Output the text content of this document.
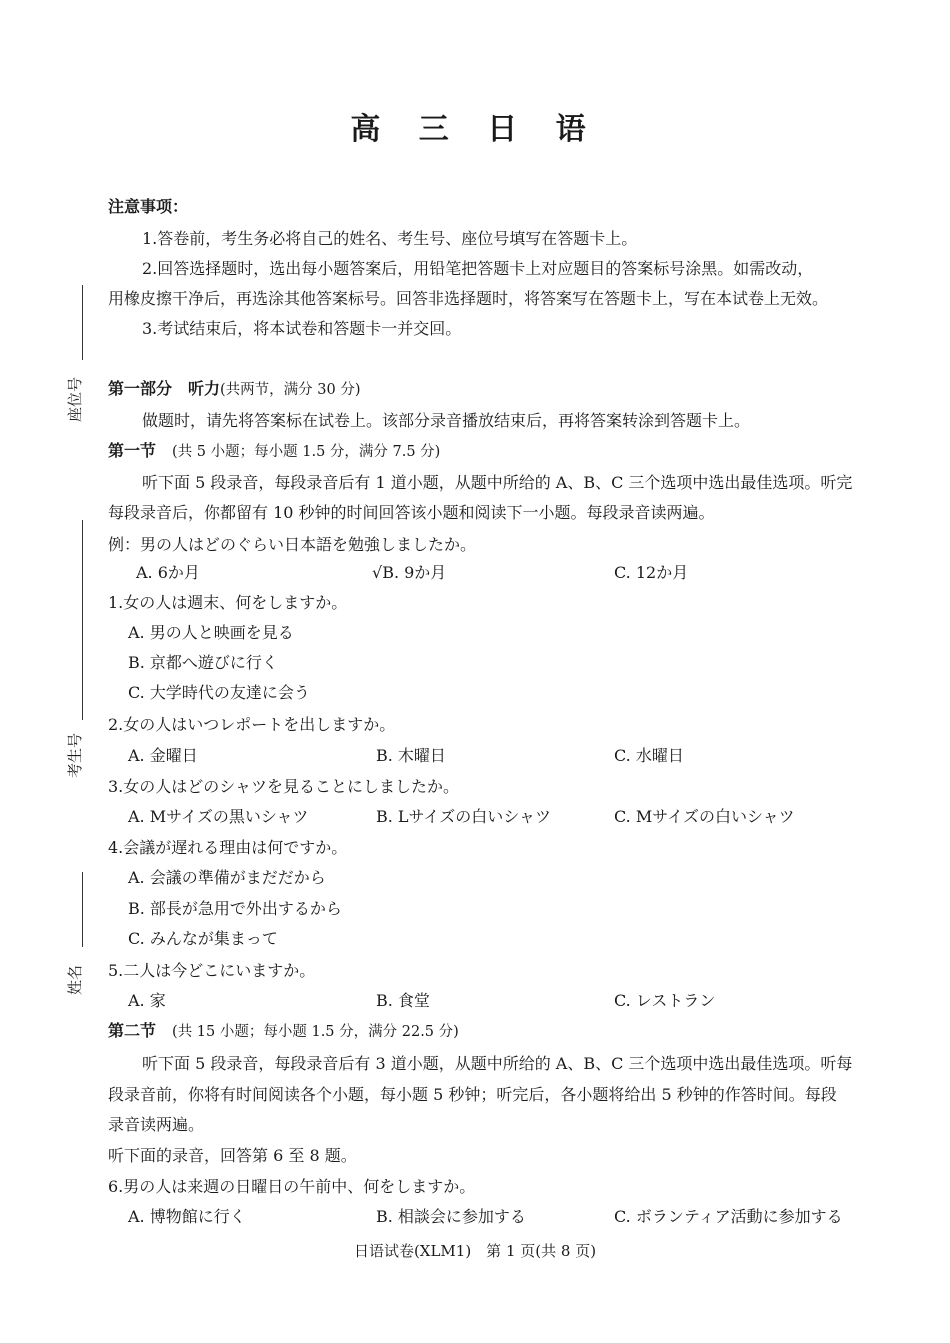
高 三 日 语
座位号
考生号
姓名
注意事项：
1.答卷前，考生务必将自己的姓名、考生号、座位号填写在答题卡上。
2.回答选择题时，选出每小题答案后，用铅笔把答题卡上对应题目的答案标号涂黑。如需改动，
用橡皮擦干净后，再选涂其他答案标号。回答非选择题时，将答案写在答题卡上，写在本试卷上无效。
3.考试结束后，将本试卷和答题卡一并交回。
第一部分　听力(共两节，满分 30 分)
做题时，请先将答案标在试卷上。该部分录音播放结束后，再将答案转涂到答题卡上。
第一节　 (共 5 小题；每小题 1.5 分，满分 7.5 分)
听下面 5 段录音，每段录音后有 1 道小题，从题中所给的 A、B、C 三个选项中选出最佳选项。听完
每段录音后，你都留有 10 秒钟的时间回答该小题和阅读下一小题。每段录音读两遍。
例：男の人はどのぐらい日本語を勉強しましたか。
A. 6か月	√B. 9か月	C. 12か月
1.女の人は週末、何をしますか。
A. 男の人と映画を見る
B. 京都へ遊びに行く
C. 大学時代の友達に会う
2.女の人はいつレポートを出しますか。
A. 金曜日	B. 木曜日	C. 水曜日
3.女の人はどのシャツを見ることにしましたか。
A. Mサイズの黒いシャツ	B. Lサイズの白いシャツ	C. Mサイズの白いシャツ
4.会議が遅れる理由は何ですか。
A. 会議の準備がまだだから
B. 部長が急用で外出するから
C. みんなが集まって
5.二人は今どこにいますか。
A. 家	B. 食堂	C. レストラン
第二节　 (共 15 小题；每小题 1.5 分，满分 22.5 分)
听下面 5 段录音，每段录音后有 3 道小题，从题中所给的 A、B、C 三个选项中选出最佳选项。听每
段录音前，你将有时间阅读各个小题，每小题 5 秒钟；听完后，各小题将给出 5 秒钟的作答时间。每段
录音读两遍。
听下面的录音，回答第 6 至 8 题。
6.男の人は来週の日曜日の午前中、何をしますか。
A. 博物館に行く	B. 相談会に参加する	C. ボランティア活動に参加する
日语试卷(XLM1)　第 1 页(共 8 页)
